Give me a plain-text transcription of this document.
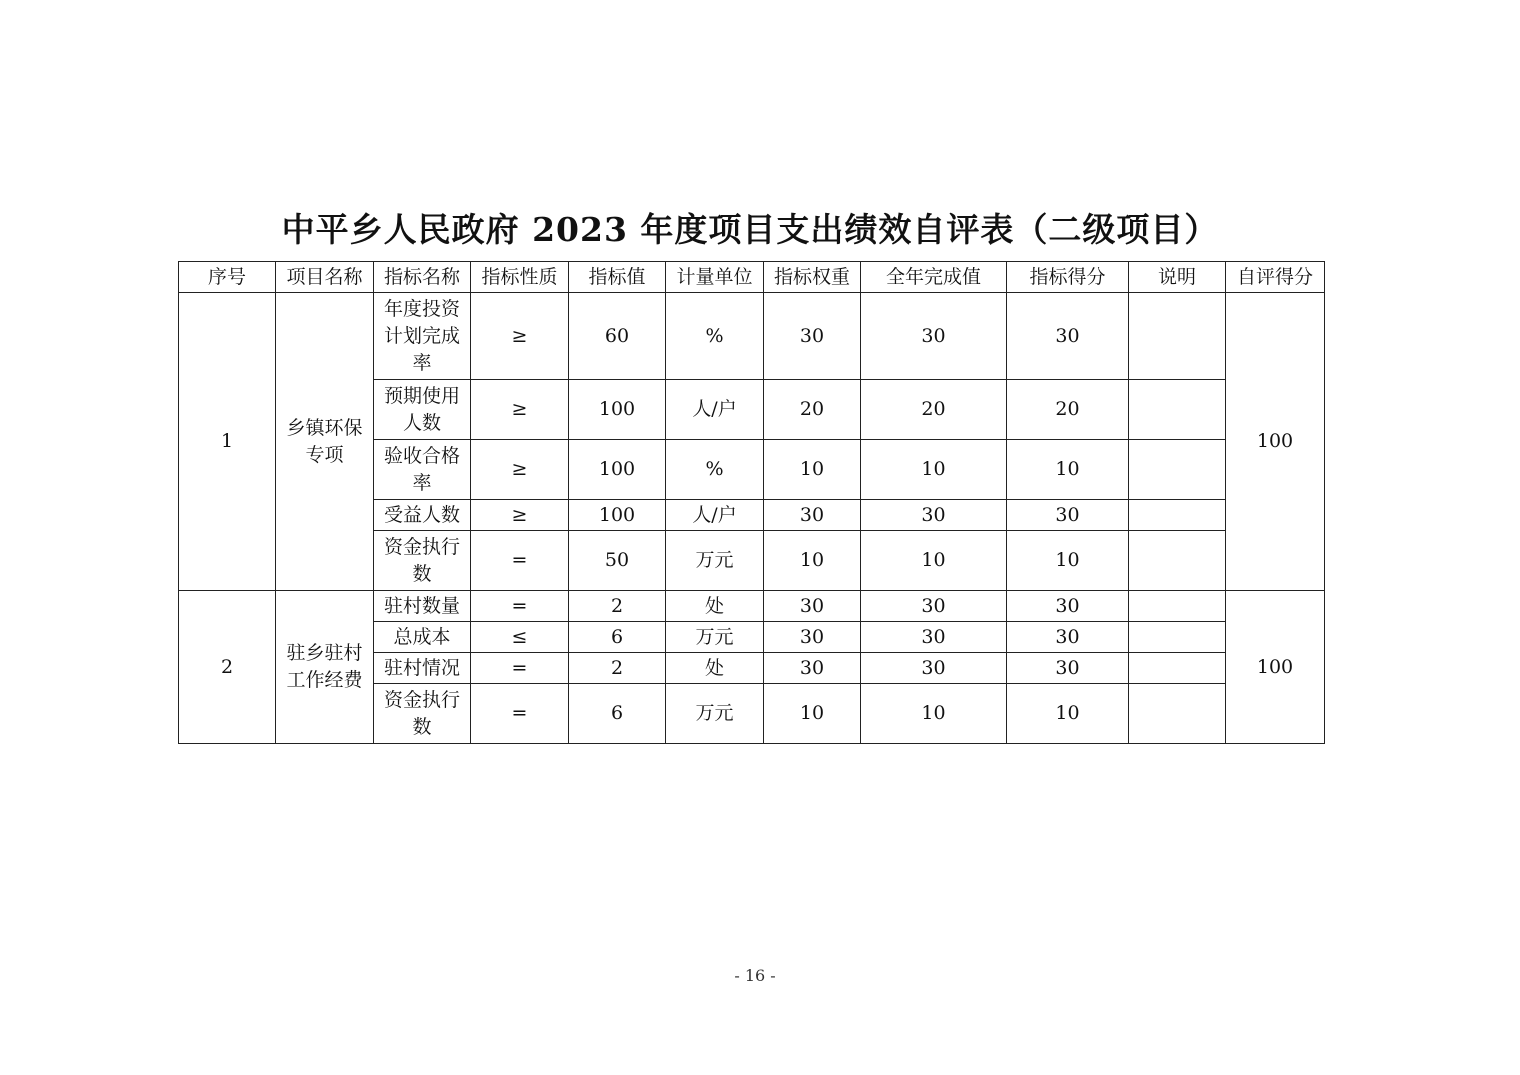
中平乡人民政府 2023 年度项目支出绩效自评表（二级项目）
序号	项目名称	指标名称	指标性质	指标值	计量单位	指标权重	全年完成值	指标得分	说明	自评得分
1	乡镇环保专项	年度投资计划完成率	≥	60	%	30	30	30		100
		预期使用人数	≥	100	人/户	20	20	20		
		验收合格率	≥	100	%	10	10	10		
		受益人数	≥	100	人/户	30	30	30		
		资金执行数	=	50	万元	10	10	10		
2	驻乡驻村工作经费	驻村数量	=	2	处	30	30	30		100
		总成本	≤	6	万元	30	30	30		
		驻村情况	=	2	处	30	30	30		
		资金执行数	=	6	万元	10	10	10		
- 16 -
